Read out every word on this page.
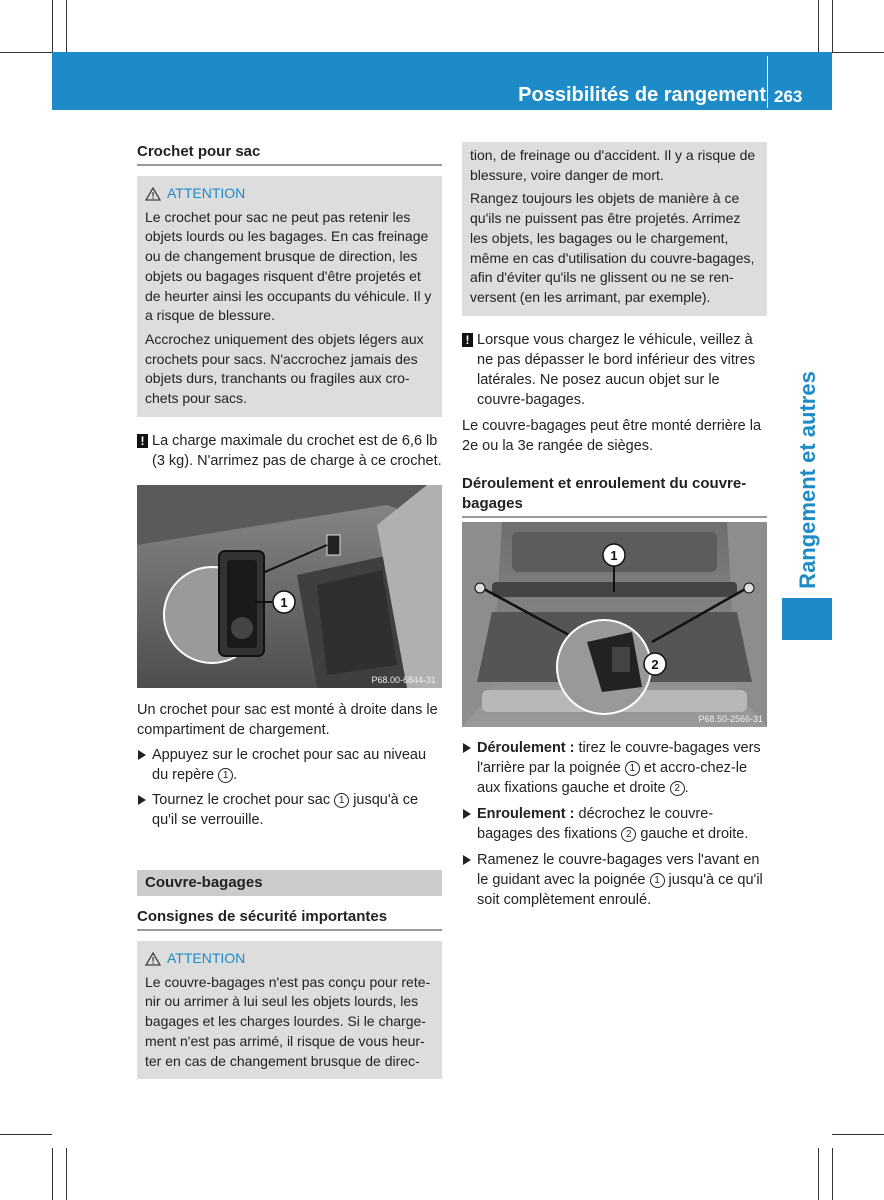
Possibilités de rangement 263
Rangement et autres
Crochet pour sac
ATTENTION

Le crochet pour sac ne peut pas retenir les objets lourds ou les bagages. En cas freinage ou de changement brusque de direction, les objets ou bagages risquent d'être projetés et de heurter ainsi les occupants du véhicule. Il y a risque de blessure.

Accrochez uniquement des objets légers aux crochets pour sacs. N'accrochez jamais des objets durs, tranchants ou fragiles aux cro-chets pour sacs.

! La charge maximale du crochet est de 6,6 lb (3 kg). N'arrimez pas de charge à ce crochet.

1
P68.00-6844-31

Un crochet pour sac est monté à droite dans le compartiment de chargement.

Appuyez sur le crochet pour sac au niveau du repère 1 .

Tournez le crochet pour sac 1 jusqu'à ce qu'il se verrouille.

Couvre-bagages
Consignes de sécurité importantes
ATTENTION

Le couvre-bagages n'est pas conçu pour rete-nir ou arrimer à lui seul les objets lourds, les bagages et les charges lourdes. Si le charge-ment n'est pas arrimé, il risque de vous heur-ter en cas de changement brusque de direc-

tion, de freinage ou d'accident. Il y a risque de blessure, voire danger de mort.

Rangez toujours les objets de manière à ce qu'ils ne puissent pas être projetés. Arrimez les objets, les bagages ou le chargement, même en cas d'utilisation du couvre-bagages, afin d'éviter qu'ils ne glissent ou ne se ren-versent (en les arrimant, par exemple).

! Lorsque vous chargez le véhicule, veillez à ne pas dépasser le bord inférieur des vitres latérales. Ne posez aucun objet sur le couvre-bagages.

Le couvre-bagages peut être monté derrière la 2e ou la 3e rangée de sièges.

Déroulement et enroulement du couvre-bagages
1
2
P68.50-2566-31

Déroulement : tirez le couvre-bagages vers l'arrière par la poignée 1 et accro-chez-le aux fixations gauche et droite 2 .

Enroulement : décrochez le couvre-bagages des fixations 2 gauche et droite.

Ramenez le couvre-bagages vers l'avant en le guidant avec la poignée 1 jusqu'à ce qu'il soit complètement enroulé.
